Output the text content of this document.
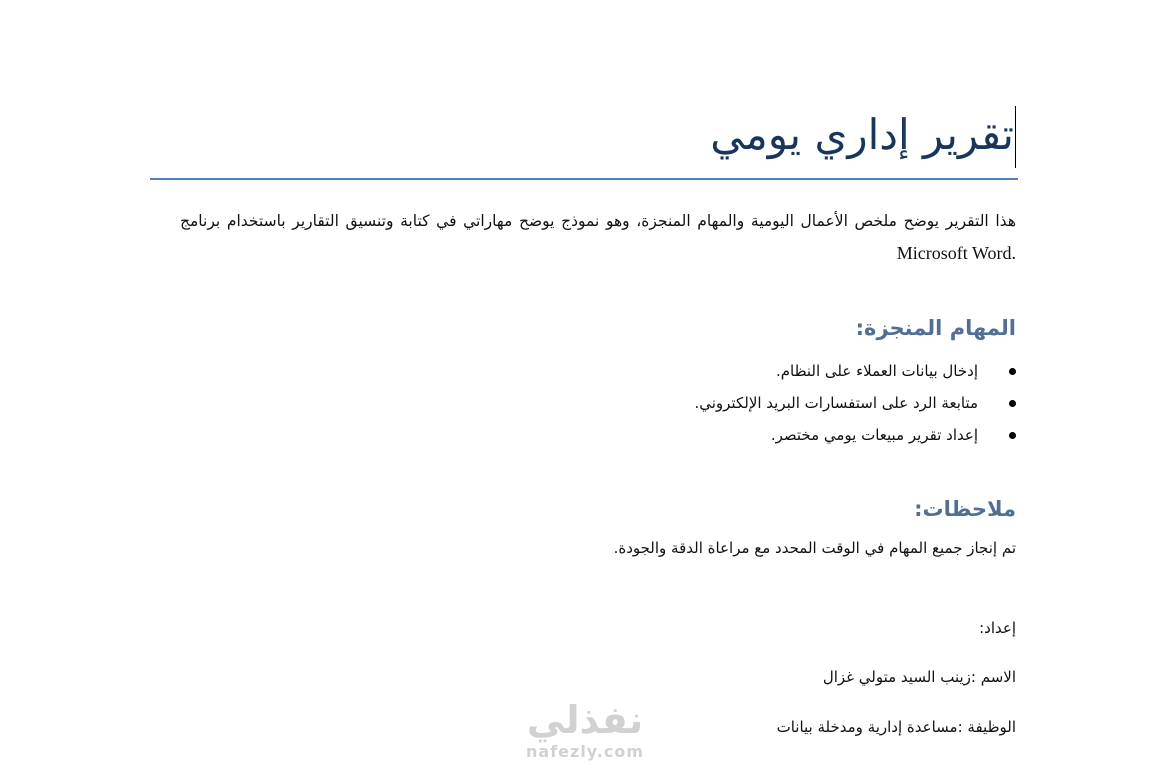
تقرير إداري يومي

هذا التقرير يوضح ملخص الأعمال اليومية والمهام المنجزة، وهو نموذج يوضح مهاراتي في كتابة وتنسيق التقارير باستخدام برنامج Microsoft Word.

المهام المنجزة:
إدخال بيانات العملاء على النظام.
متابعة الرد على استفسارات البريد الإلكتروني.
إعداد تقرير مبيعات يومي مختصر.
ملاحظات:

تم إنجاز جميع المهام في الوقت المحدد مع مراعاة الدقة والجودة.

إعداد:

الاسم :زينب السيد متولي غزال

الوظيفة :مساعدة إدارية ومدخلة بيانات

نفذلي
nafezly.com
